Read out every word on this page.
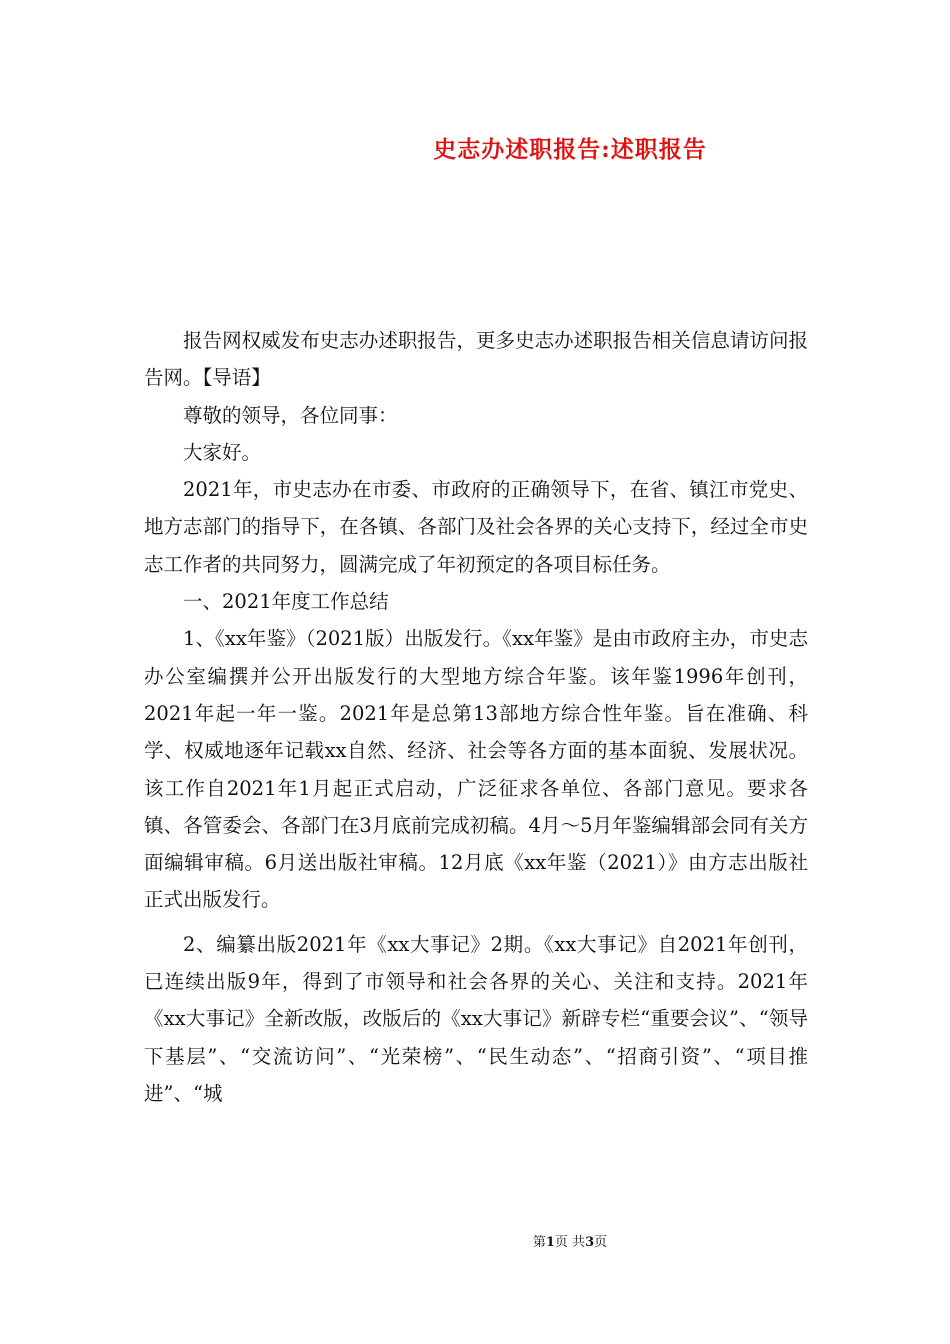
史志办述职报告:述职报告

报告网权威发布史志办述职报告，更多史志办述职报告相关信息请访问报告网。【导语】

尊敬的领导，各位同事：

大家好。

2021年，市史志办在市委、市政府的正确领导下，在省、镇江市党史、地方志部门的指导下，在各镇、各部门及社会各界的关心支持下，经过全市史志工作者的共同努力，圆满完成了年初预定的各项目标任务。

一、2021年度工作总结

1、《xx年鉴》（2021版）出版发行。《xx年鉴》是由市政府主办，市史志办公室编撰并公开出版发行的大型地方综合年鉴。该年鉴1996年创刊，2021年起一年一鉴。2021年是总第13部地方综合性年鉴。旨在准确、科学、权威地逐年记载xx自然、经济、社会等各方面的基本面貌、发展状况。该工作自2021年1月起正式启动，广泛征求各单位、各部门意见。要求各镇、各管委会、各部门在3月底前完成初稿。4月～5月年鉴编辑部会同有关方面编辑审稿。6月送出版社审稿。12月底《xx年鉴（2021）》由方志出版社正式出版发行。

2、编纂出版2021年《xx大事记》2期。《xx大事记》自2021年创刊，已连续出版9年，得到了市领导和社会各界的关心、关注和支持。2021年《xx大事记》全新改版，改版后的《xx大事记》新辟专栏“重要会议”、“领导下基层”、“交流访问”、“光荣榜”、“民生动态”、“招商引资”、“项目推进”、“城

第1页 共3页
